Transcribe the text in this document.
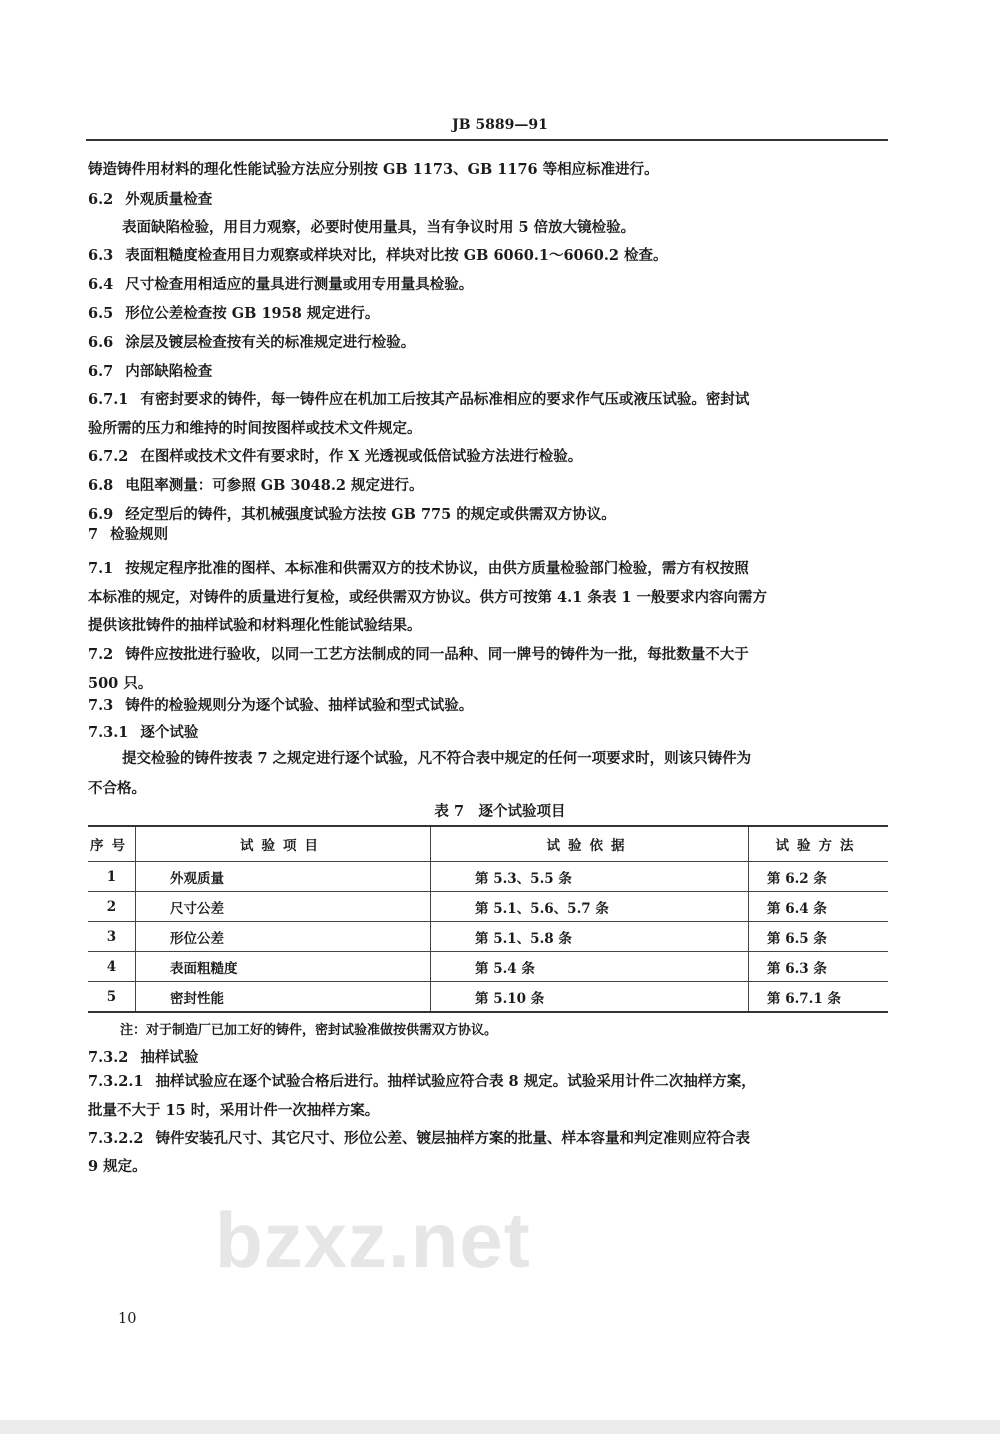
bzxz.net
JB 5889—91
铸造铸件用材料的理化性能试验方法应分别按 GB 1173、GB 1176 等相应标准进行。
6.2 外观质量检查
表面缺陷检验，用目力观察，必要时使用量具，当有争议时用 5 倍放大镜检验。
6.3 表面粗糙度检查用目力观察或样块对比，样块对比按 GB 6060.1～6060.2 检查。
6.4 尺寸检查用相适应的量具进行测量或用专用量具检验。
6.5 形位公差检查按 GB 1958 规定进行。
6.6 涂层及镀层检查按有关的标准规定进行检验。
6.7 内部缺陷检查
6.7.1 有密封要求的铸件，每一铸件应在机加工后按其产品标准相应的要求作气压或液压试验。密封试
验所需的压力和维持的时间按图样或技术文件规定。
6.7.2 在图样或技术文件有要求时，作 X 光透视或低倍试验方法进行检验。
6.8 电阻率测量：可参照 GB 3048.2 规定进行。
6.9 经定型后的铸件，其机械强度试验方法按 GB 775 的规定或供需双方协议。
7 检验规则
7.1 按规定程序批准的图样、本标准和供需双方的技术协议，由供方质量检验部门检验，需方有权按照
本标准的规定，对铸件的质量进行复检，或经供需双方协议。供方可按第 4.1 条表 1 一般要求内容向需方
提供该批铸件的抽样试验和材料理化性能试验结果。
7.2 铸件应按批进行验收，以同一工艺方法制成的同一品种、同一牌号的铸件为一批，每批数量不大于
500 只。
7.3 铸件的检验规则分为逐个试验、抽样试验和型式试验。
7.3.1 逐个试验
提交检验的铸件按表 7 之规定进行逐个试验，凡不符合表中规定的任何一项要求时，则该只铸件为
不合格。
表 7　逐个试验项目
序号	试验项目	试验依据	试验方法
1	外观质量	第 5.3、5.5 条	第 6.2 条
2	尺寸公差	第 5.1、5.6、5.7 条	第 6.4 条
3	形位公差	第 5.1、5.8 条	第 6.5 条
4	表面粗糙度	第 5.4 条	第 6.3 条
5	密封性能	第 5.10 条	第 6.7.1 条
注：对于制造厂已加工好的铸件，密封试验准做按供需双方协议。
7.3.2 抽样试验
7.3.2.1 抽样试验应在逐个试验合格后进行。抽样试验应符合表 8 规定。试验采用计件二次抽样方案，
批量不大于 15 时，采用计件一次抽样方案。
7.3.2.2 铸件安装孔尺寸、其它尺寸、形位公差、镀层抽样方案的批量、样本容量和判定准则应符合表
9 规定。
10
